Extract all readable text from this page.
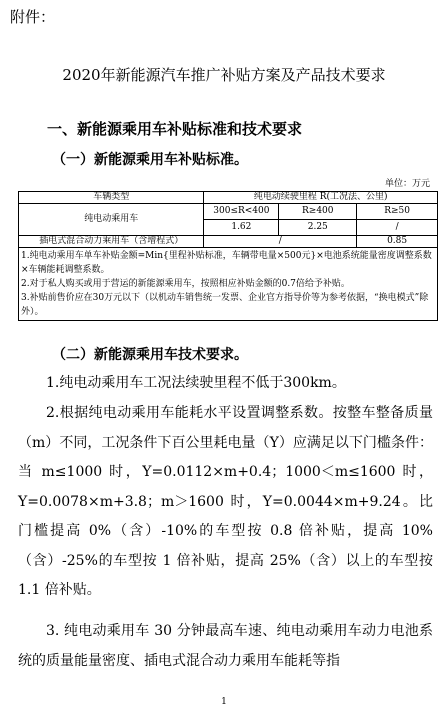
附件：
2020年新能源汽车推广补贴方案及产品技术要求
一、新能源乘用车补贴标准和技术要求
（一）新能源乘用车补贴标准。
单位：万元
车辆类型	纯电动续驶里程 R(工况法、公里)		
纯电动乘用车	300≤R<400	R≥400	R≥50
	1.62	2.25	/
插电式混合动力乘用车（含增程式）	/		0.85

1.纯电动乘用车单车补贴金额=Min{里程补贴标准，车辆带电量×500元}×电池系统能量密度调整系数×车辆能耗调整系数。
2.对于私人购买或用于营运的新能源乘用车，按照相应补贴金额的0.7倍给予补贴。
3.补贴前售价应在30万元以下（以机动车销售统一发票、企业官方指导价等为参考依据，“换电模式”除外）。			
（二）新能源乘用车技术要求。
1.纯电动乘用车工况法续驶里程不低于300km。
2.根据纯电动乘用车能耗水平设置调整系数。按整车整备质量（m）不同，工况条件下百公里耗电量（Y）应满足以下门槛条件：当 m≤1000 时，Y=0.0112×m+0.4；1000＜m≤1600 时，Y=0.0078×m+3.8；m＞1600 时，Y=0.0044×m+9.24。比门槛提高 0%（含）-10%的车型按 0.8 倍补贴，提高 10%（含）-25%的车型按 1 倍补贴，提高 25%（含）以上的车型按 1.1 倍补贴。
3. 纯电动乘用车 30 分钟最高车速、纯电动乘用车动力电池系统的质量能量密度、插电式混合动力乘用车能耗等指
1
